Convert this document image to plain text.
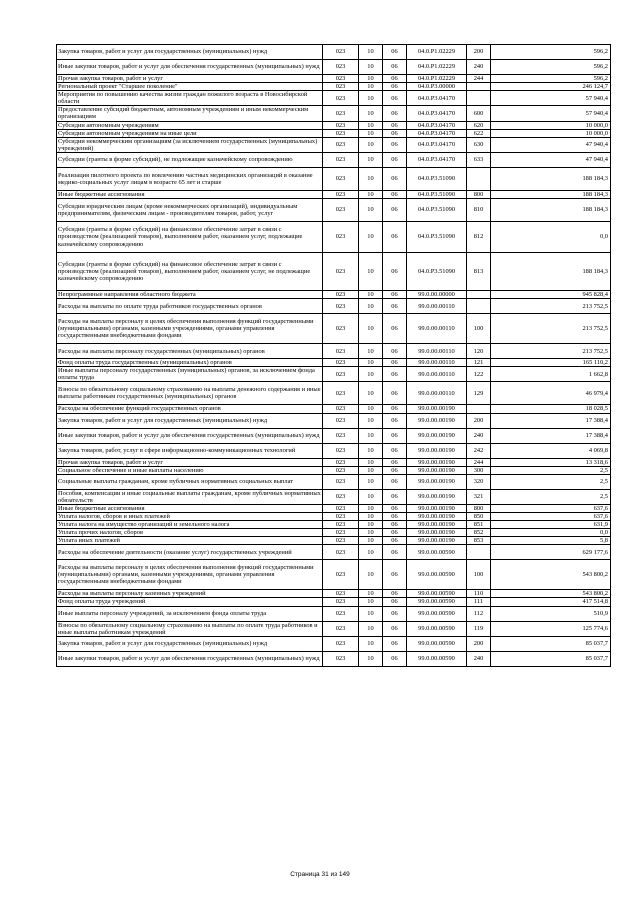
Закупка товаров, работ и услуг для государственных (муниципальных) нужд	023	10	06	04.0.P1.02229	200	596,2
Иные закупки товаров, работ и услуг для обеспечения государственных (муниципальных) нужд	023	10	06	04.0.P1.02229	240	596,2
Прочая закупка товаров, работ и услуг	023	10	06	04.0.P1.02229	244	596,2
Региональный проект "Старшее поколение"	023	10	06	04.0.P3.00000		246 124,7
Мероприятия по повышению качества жизни граждан пожилого возраста в Новосибирской области	023	10	06	04.0.P3.04170		57 940,4
Предоставление субсидий бюджетным, автономным учреждениям и иным некоммерческим организациям	023	10	06	04.0.P3.04170	600	57 940,4
Субсидии автономным учреждениям	023	10	06	04.0.P3.04170	620	10 000,0
Субсидии автономным учреждениям на иные цели	023	10	06	04.0.P3.04170	622	10 000,0
Субсидии некоммерческим организациям (за исключением государственных (муниципальных) учреждений)	023	10	06	04.0.P3.04170	630	47 940,4
Субсидии (гранты в форме субсидий), не подлежащие казначейскому сопровождению	023	10	06	04.0.P3.04170	633	47 940,4
Реализация пилотного проекта по вовлечению частных медицинских организаций в оказание медико-социальных услуг лицам в возрасте 65 лет и старше	023	10	06	04.0.P3.51090		188 184,3
Иные бюджетные ассигнования	023	10	06	04.0.P3.51090	800	188 184,3
Субсидии юридическим лицам (кроме некоммерческих организаций), индивидуальным предпринимателям, физическим лицам - производителям товаров, работ, услуг	023	10	06	04.0.P3.51090	810	188 184,3
Субсидии (гранты в форме субсидий) на финансовое обеспечение затрат в связи с производством (реализацией товаров), выполнением работ, оказанием услуг, подлежащие казначейскому сопровождению	023	10	06	04.0.P3.51090	812	0,0
Субсидии (гранты в форме субсидий) на финансовое обеспечение затрат в связи с производством (реализацией товаров), выполнением работ, оказанием услуг, не подлежащие казначейскому сопровождению	023	10	06	04.0.P3.51090	813	188 184,3
Непрограммные направления областного бюджета	023	10	06	99.0.00.00000		945 828,4
Расходы на выплаты по оплате труда работников государственных органов	023	10	06	99.0.00.00110		213 752,5
Расходы на выплаты персоналу в целях обеспечения выполнения функций государственными (муниципальными) органами, казенными учреждениями, органами управления государственными внебюджетными фондами	023	10	06	99.0.00.00110	100	213 752,5
Расходы на выплаты персоналу государственных (муниципальных) органов	023	10	06	99.0.00.00110	120	213 752,5
Фонд оплаты труда государственных (муниципальных) органов	023	10	06	99.0.00.00110	121	165 110,2
Иные выплаты персоналу государственных (муниципальных) органов, за исключением фонда оплаты труда	023	10	06	99.0.00.00110	122	1 662,8
Взносы по обязательному социальному страхованию на выплаты денежного содержания и иные выплаты работникам государственных (муниципальных) органов	023	10	06	99.0.00.00110	129	46 979,4
Расходы на обеспечение функций государственных органов	023	10	06	99.0.00.00190		18 028,5
Закупка товаров, работ и услуг для государственных (муниципальных) нужд	023	10	06	99.0.00.00190	200	17 388,4
Иные закупки товаров, работ и услуг для обеспечения государственных (муниципальных) нужд	023	10	06	99.0.00.00190	240	17 388,4
Закупка товаров, работ, услуг в сфере информационно-коммуникационных технологий	023	10	06	99.0.00.00190	242	4 069,8
Прочая закупка товаров, работ и услуг	023	10	06	99.0.00.00190	244	13 318,6
Социальное обеспечение и иные выплаты населению	023	10	06	99.0.00.00190	300	2,5
Социальные выплаты гражданам, кроме публичных нормативных социальных выплат	023	10	06	99.0.00.00190	320	2,5
Пособия, компенсации и иные социальные выплаты гражданам, кроме публичных нормативных обязательств	023	10	06	99.0.00.00190	321	2,5
Иные бюджетные ассигнования	023	10	06	99.0.00.00190	800	637,6
Уплата налогов, сборов и иных платежей	023	10	06	99.0.00.00190	850	637,6
Уплата налога на имущество организаций и земельного налога	023	10	06	99.0.00.00190	851	631,9
Уплата прочих налогов, сборов	023	10	06	99.0.00.00190	852	0,0
Уплата иных платежей	023	10	06	99.0.00.00190	853	5,8
Расходы на обеспечение деятельности (оказание услуг) государственных учреждений	023	10	06	99.0.00.00590		629 177,6
Расходы на выплаты персоналу в целях обеспечения выполнения функций государственными (муниципальными) органами, казенными учреждениями, органами управления государственными внебюджетными фондами	023	10	06	99.0.00.00590	100	543 800,2
Расходы на выплаты персоналу казенных учреждений	023	10	06	99.0.00.00590	110	543 800,2
Фонд оплаты труда учреждений	023	10	06	99.0.00.00590	111	417 514,8
Иные выплаты персоналу учреждений, за исключением фонда оплаты труда	023	10	06	99.0.00.00590	112	510,9
Взносы по обязательному социальному страхованию на выплаты по оплате труда работников и иные выплаты работникам учреждений	023	10	06	99.0.00.00590	119	125 774,6
Закупка товаров, работ и услуг для государственных (муниципальных) нужд	023	10	06	99.0.00.00590	200	85 037,7
Иные закупки товаров, работ и услуг для обеспечения государственных (муниципальных) нужд	023	10	06	99.0.00.00590	240	85 037,7
Страница 31 из 149
